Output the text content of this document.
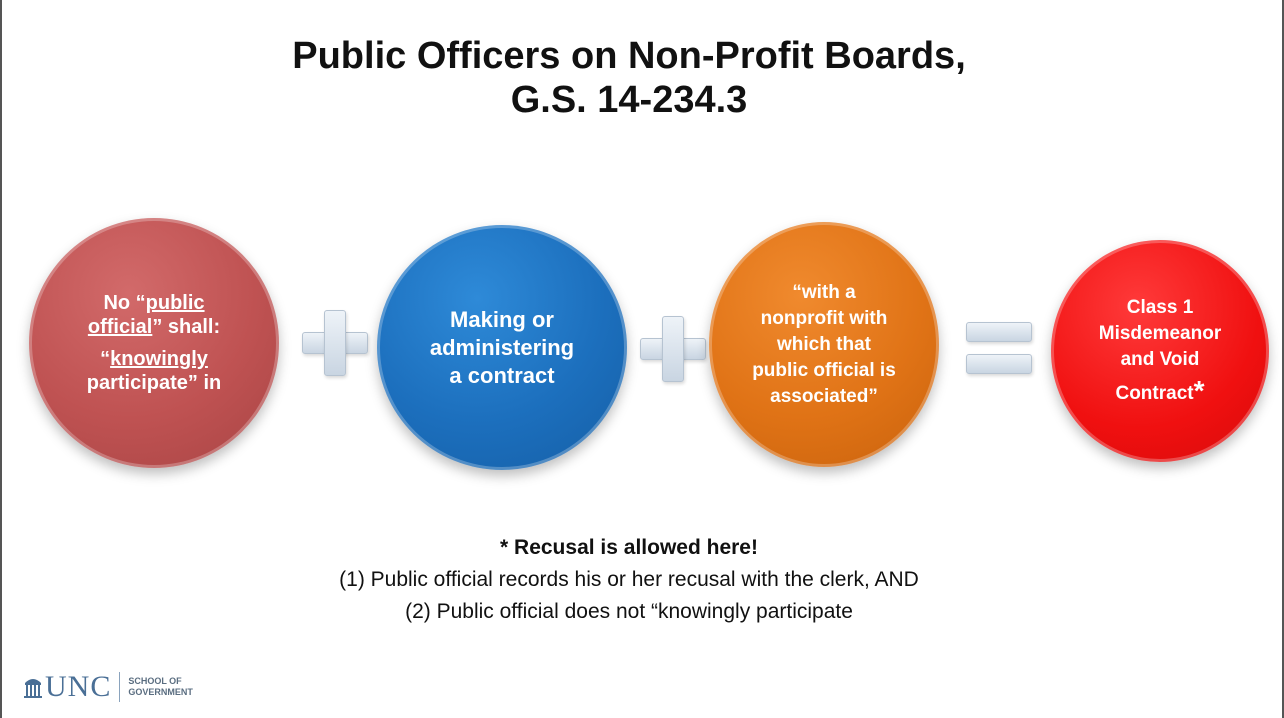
Public Officers on Non-Profit Boards,
G.S. 14-234.3
No “public
official” shall:
“knowingly
participate” in
Making or
administering
a contract
“with a
nonprofit with
which that
public official is
associated”
Class 1
Misdemeanor
and Void
Contract*
* Recusal is allowed here!
(1) Public official records his or her recusal with the clerk, AND
(2) Public official does not “knowingly participate
UNC SCHOOL OF
GOVERNMENT
